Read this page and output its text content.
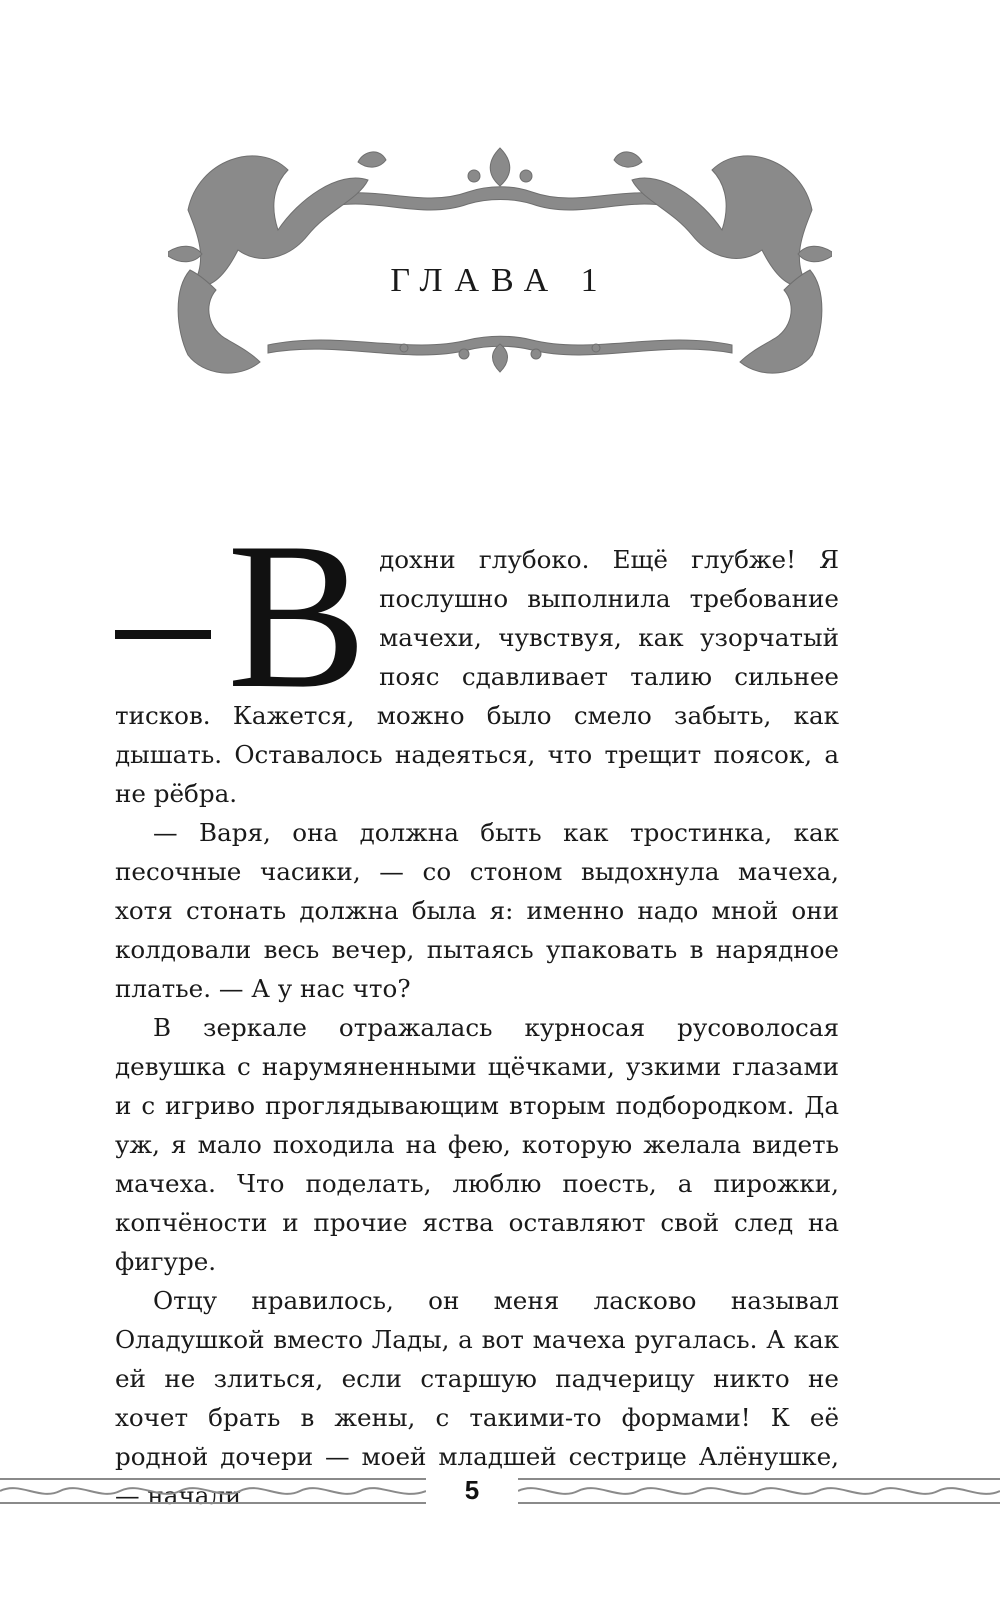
ГЛАВА 1

В дохни глубоко. Ещё глубже! Я послушно выполнила требование мачехи, чувствуя, как узорчатый пояс сдавливает талию сильнее тисков. Кажется, можно было смело забыть, как дышать. Оставалось надеяться, что трещит поясок, а не рёбра.

— Варя, она должна быть как тростинка, как песочные часики, — со стоном выдохнула мачеха, хотя стонать должна была я: именно надо мной они колдовали весь вечер, пытаясь упаковать в нарядное платье. — А у нас что?

В зеркале отражалась курносая русоволосая девушка с нарумяненными щёчками, узкими глазами и с игриво проглядывающим вторым подбородком. Да уж, я мало походила на фею, которую желала видеть мачеха. Что поделать, люблю поесть, а пирожки, копчёности и прочие яства оставляют свой след на фигуре.

Отцу нравилось, он меня ласково называл Оладушкой вместо Лады, а вот мачеха ругалась. А как ей не злиться, если старшую падчерицу никто не хочет брать в жены, с такими-то формами! К её родной дочери — моей младшей сестрице Алёнушке, — начали	5
